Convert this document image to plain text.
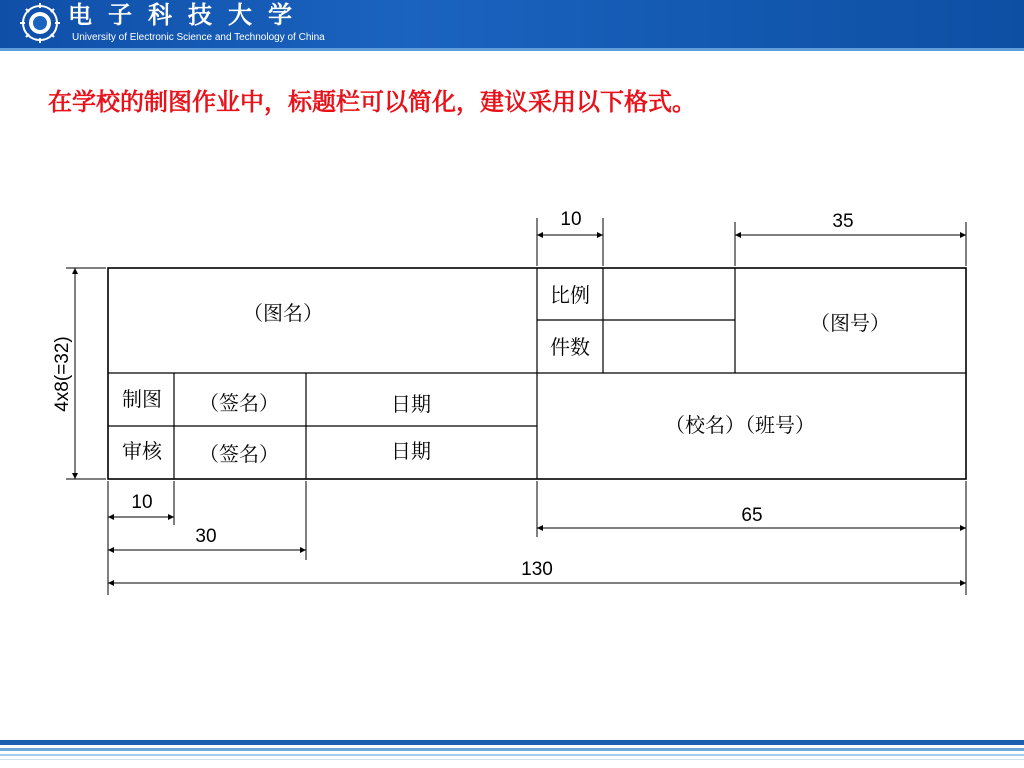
电子科技大学
University of Electronic Science and Technology of China
在学校的制图作业中，标题栏可以简化，建议采用以下格式。
（图名）
比例
件数
（图号）
制图
审核
（签名）
（签名）
日期
日期
（校名）（班号）
10	35
10
30
65
130
4x8(=32)
